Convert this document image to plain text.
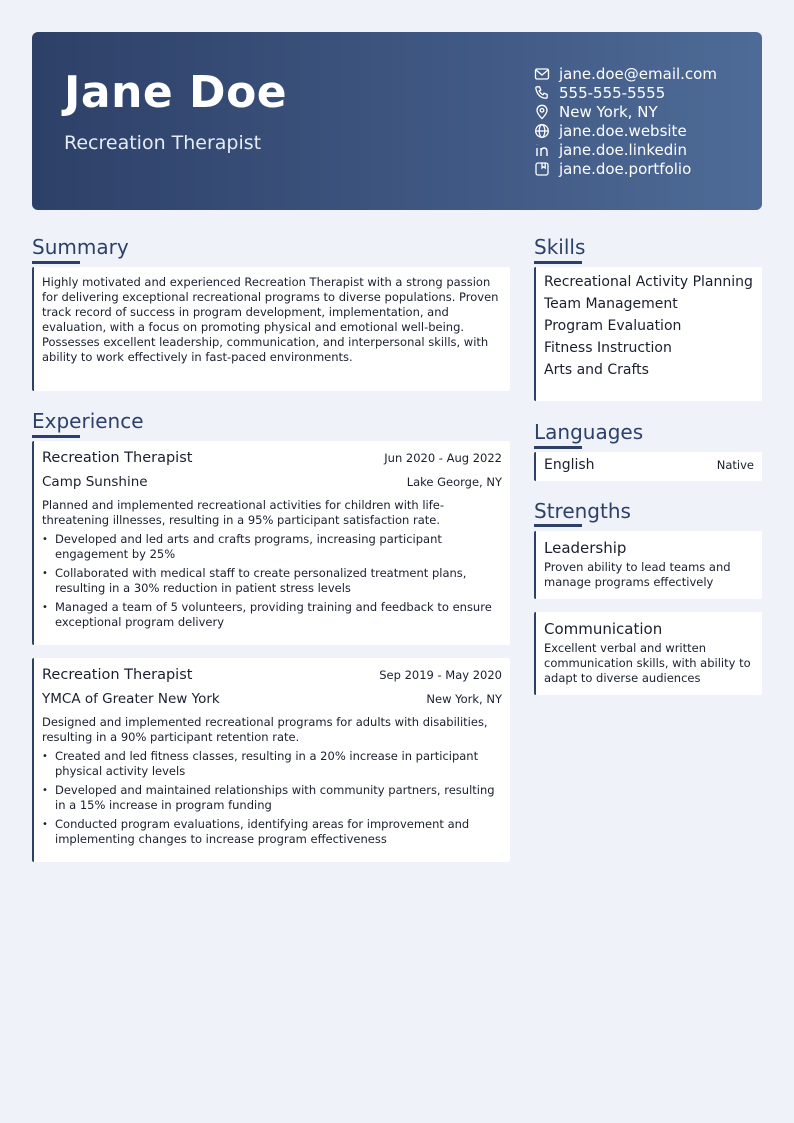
Jane Doe
Recreation Therapist
jane.doe@email.com
555-555-5555
New York, NY
jane.doe.website
jane.doe.linkedin
jane.doe.portfolio
Summary
Highly motivated and experienced Recreation Therapist with a strong passion for delivering exceptional recreational programs to diverse populations. Proven track record of success in program development, implementation, and evaluation, with a focus on promoting physical and emotional well-being. Possesses excellent leadership, communication, and interpersonal skills, with ability to work effectively in fast-paced environments.
Experience
Recreation Therapist	Jun 2020 - Aug 2022
Camp Sunshine	Lake George, NY
Planned and implemented recreational activities for children with life-threatening illnesses, resulting in a 95% participant satisfaction rate.
• Developed and led arts and crafts programs, increasing participant engagement by 25%
• Collaborated with medical staff to create personalized treatment plans, resulting in a 30% reduction in patient stress levels
• Managed a team of 5 volunteers, providing training and feedback to ensure exceptional program delivery
Recreation Therapist	Sep 2019 - May 2020
YMCA of Greater New York	New York, NY
Designed and implemented recreational programs for adults with disabilities, resulting in a 90% participant retention rate.
• Created and led fitness classes, resulting in a 20% increase in participant physical activity levels
• Developed and maintained relationships with community partners, resulting in a 15% increase in program funding
• Conducted program evaluations, identifying areas for improvement and implementing changes to increase program effectiveness
Skills
Recreational Activity Planning
Team Management
Program Evaluation
Fitness Instruction
Arts and Crafts
Languages
English	Native
Strengths
Leadership
Proven ability to lead teams and manage programs effectively
Communication
Excellent verbal and written communication skills, with ability to adapt to diverse audiences
